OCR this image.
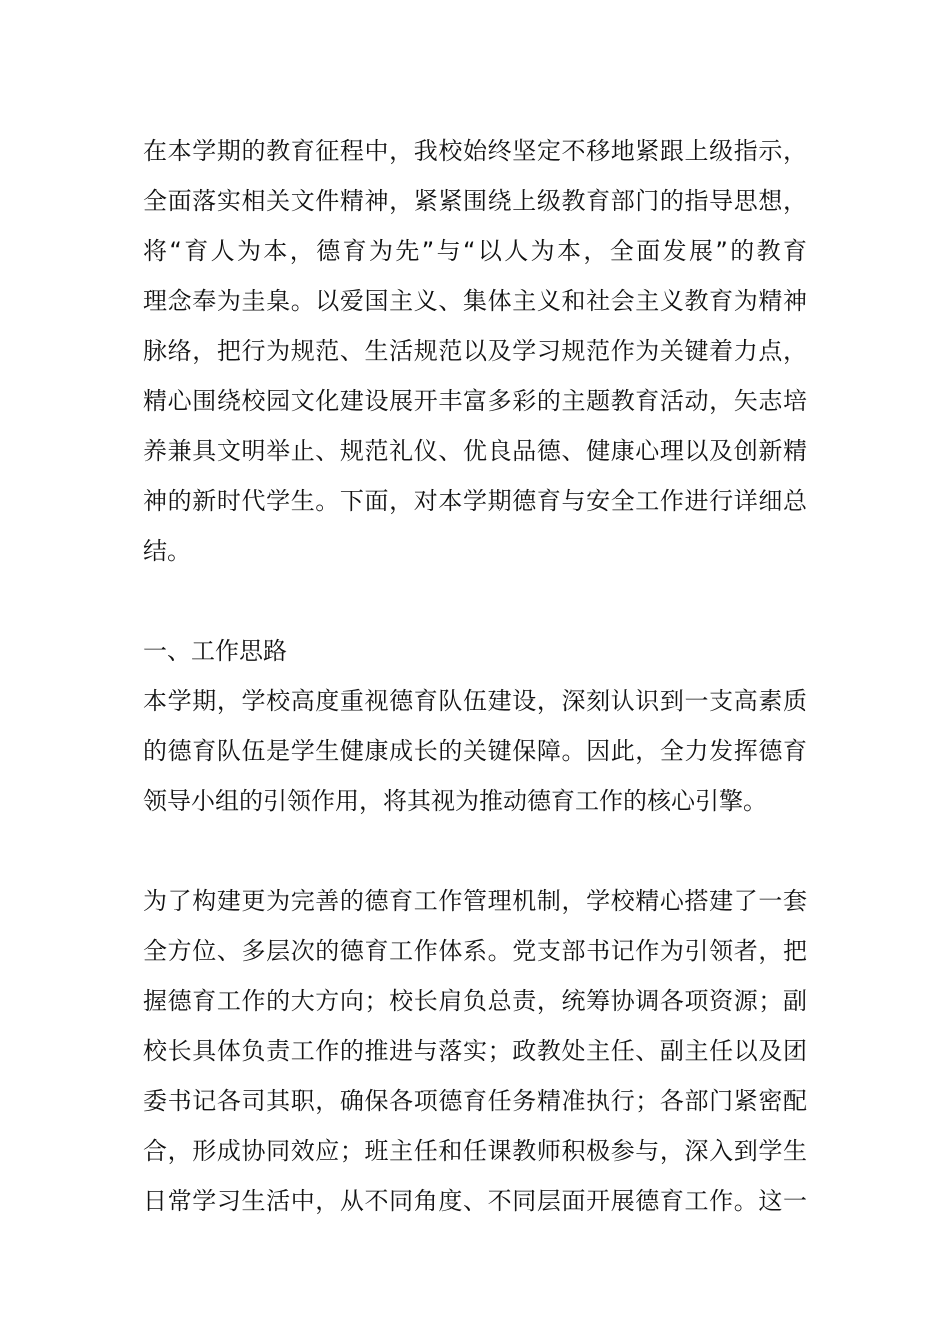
在本学期的教育征程中，我校始终坚定不移地紧跟上级指示，
全面落实相关文件精神，紧紧围绕上级教育部门的指导思想，
将“育人为本，德育为先”与“以人为本，全面发展”的教育
理念奉为圭臬。以爱国主义、集体主义和社会主义教育为精神
脉络，把行为规范、生活规范以及学习规范作为关键着力点，
精心围绕校园文化建设展开丰富多彩的主题教育活动，矢志培
养兼具文明举止、规范礼仪、优良品德、健康心理以及创新精
神的新时代学生。下面，对本学期德育与安全工作进行详细总
结。
一、工作思路
本学期，学校高度重视德育队伍建设，深刻认识到一支高素质
的德育队伍是学生健康成长的关键保障。因此，全力发挥德育
领导小组的引领作用，将其视为推动德育工作的核心引擎。
为了构建更为完善的德育工作管理机制，学校精心搭建了一套
全方位、多层次的德育工作体系。党支部书记作为引领者，把
握德育工作的大方向；校长肩负总责，统筹协调各项资源；副
校长具体负责工作的推进与落实；政教处主任、副主任以及团
委书记各司其职，确保各项德育任务精准执行；各部门紧密配
合，形成协同效应；班主任和任课教师积极参与，深入到学生
日常学习生活中，从不同角度、不同层面开展德育工作。这一
